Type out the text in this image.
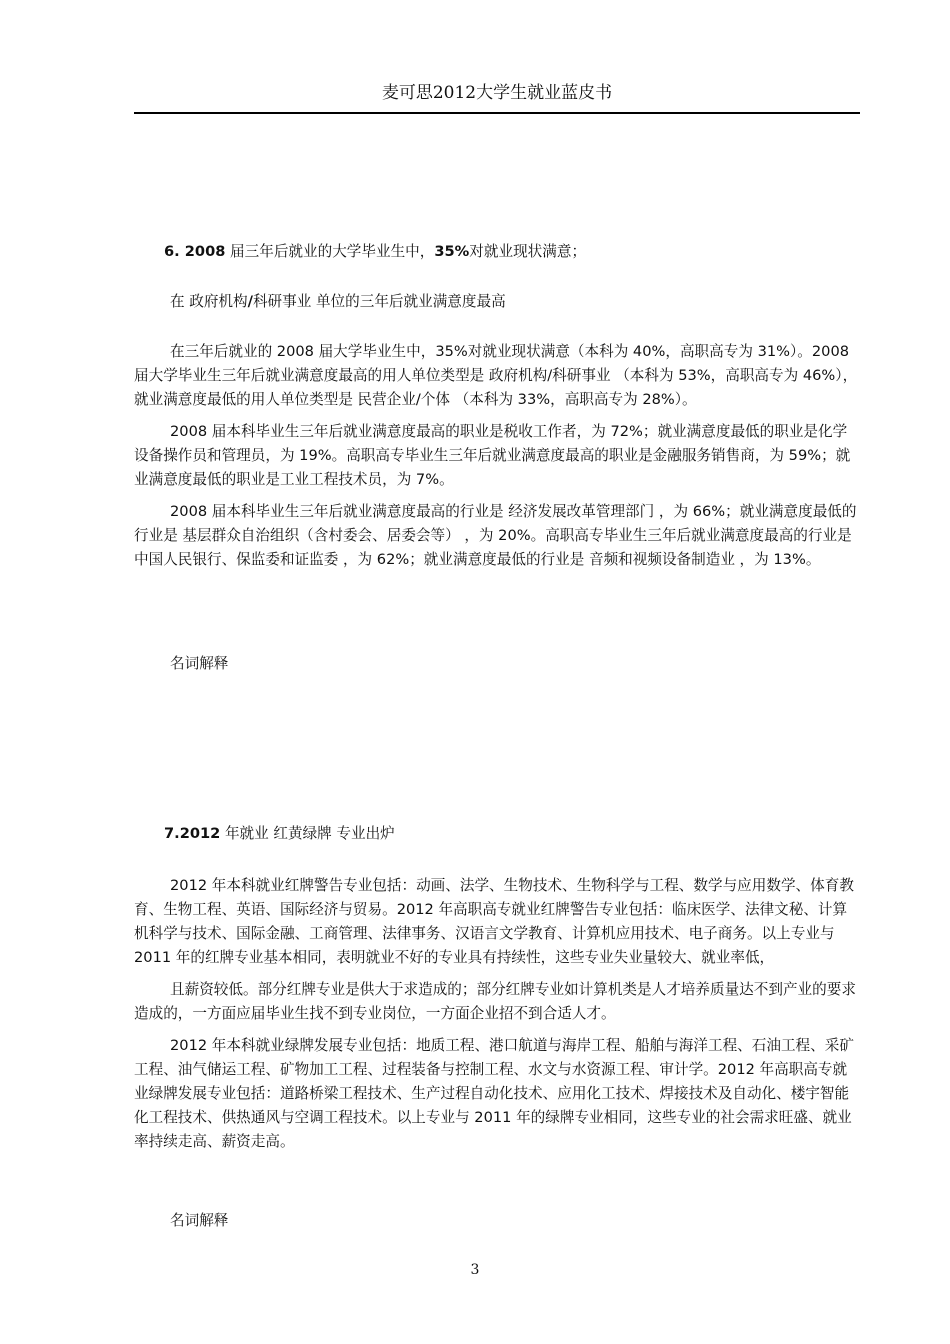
麦可思2012大学生就业蓝皮书
6. 2008 届三年后就业的大学毕业生中，35%对就业现状满意；
在 政府机构/科研事业 单位的三年后就业满意度最高

在三年后就业的 2008 届大学毕业生中，35%对就业现状满意（本科为 40%，高职高专为 31%）。2008 届大学毕业生三年后就业满意度最高的用人单位类型是 政府机构/科研事业 （本科为 53%，高职高专为 46%），就业满意度最低的用人单位类型是 民营企业/个体 （本科为 33%，高职高专为 28%）。

2008 届本科毕业生三年后就业满意度最高的职业是税收工作者，为 72%；就业满意度最低的职业是化学设备操作员和管理员，为 19%。高职高专毕业生三年后就业满意度最高的职业是金融服务销售商，为 59%；就业满意度最低的职业是工业工程技术员，为 7%。

2008 届本科毕业生三年后就业满意度最高的行业是 经济发展改革管理部门 ，为 66%；就业满意度最低的行业是 基层群众自治组织（含村委会、居委会等） ，为 20%。高职高专毕业生三年后就业满意度最高的行业是 中国人民银行、保监委和证监委 ，为 62%；就业满意度最低的行业是 音频和视频设备制造业 ，为 13%。

名词解释
7.2012 年就业 红黄绿牌 专业出炉

2012 年本科就业红牌警告专业包括：动画、法学、生物技术、生物科学与工程、数学与应用数学、体育教育、生物工程、英语、国际经济与贸易。2012 年高职高专就业红牌警告专业包括：临床医学、法律文秘、计算机科学与技术、国际金融、工商管理、法律事务、汉语言文学教育、计算机应用技术、电子商务。以上专业与 2011 年的红牌专业基本相同，表明就业不好的专业具有持续性，这些专业失业量较大、就业率低，

且薪资较低。部分红牌专业是供大于求造成的；部分红牌专业如计算机类是人才培养质量达不到产业的要求造成的，一方面应届毕业生找不到专业岗位，一方面企业招不到合适人才。

2012 年本科就业绿牌发展专业包括：地质工程、港口航道与海岸工程、船舶与海洋工程、石油工程、采矿工程、油气储运工程、矿物加工工程、过程装备与控制工程、水文与水资源工程、审计学。2012 年高职高专就业绿牌发展专业包括：道路桥梁工程技术、生产过程自动化技术、应用化工技术、焊接技术及自动化、楼宇智能化工程技术、供热通风与空调工程技术。以上专业与 2011 年的绿牌专业相同，这些专业的社会需求旺盛、就业率持续走高、薪资走高。

名词解释
3
